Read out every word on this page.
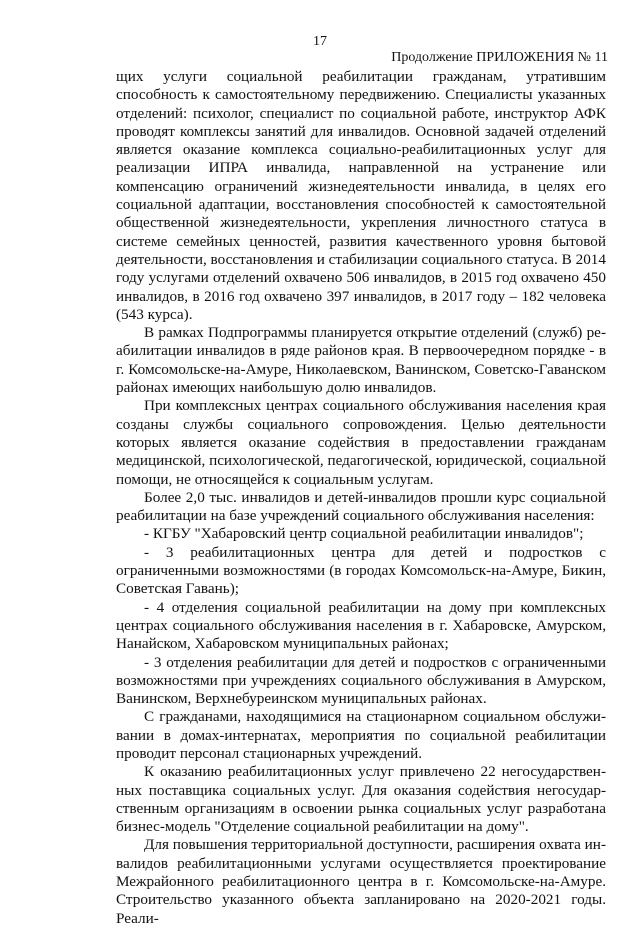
17
Продолжение ПРИЛОЖЕНИЯ № 11

щих услуги социальной реабилитации гражданам, утратившим способность к самостоятельному передвижению. Специалисты указанных отделений: психолог, специалист по социальной работе, инструктор АФК проводят комплексы занятий для инвалидов. Основной задачей отделений является оказание комплекса социально-реабилитационных услуг для реализации ИПРА инвалида, направленной на устранение или компенсацию ограничений жизнедеятельности инвалида, в целях его социальной адаптации, восстановления способностей к самостоятельной общественной жизнедеятельности, укрепления личностного статуса в системе семейных ценностей, развития качественного уровня бытовой деятельности, восстановления и стабилизации социального статуса. В 2014 году услугами отделений охвачено 506 инвалидов, в 2015 год охвачено 450 инвалидов, в 2016 год охвачено 397 инвалидов, в 2017 году – 182 человека (543 курса).

В рамках Подпрограммы планируется открытие отделений (служб) реабилитации инвалидов в ряде районов края. В первоочередном порядке - в г. Комсомольске-на-Амуре, Николаевском, Ванинском, Советско-Гаванском районах имеющих наибольшую долю инвалидов.

При комплексных центрах социального обслуживания населения края созданы службы социального сопровождения. Целью деятельности которых является оказание содействия в предоставлении гражданам медицинской, психологической, педагогической, юридической, социальной помощи, не относящейся к социальным услугам.

Более 2,0 тыс. инвалидов и детей-инвалидов прошли курс социальной реабилитации на базе учреждений социального обслуживания населения:

- КГБУ "Хабаровский центр социальной реабилитации инвалидов";

- 3 реабилитационных центра для детей и подростков с ограниченными возможностями (в городах Комсомольск-на-Амуре, Бикин, Советская Гавань);

- 4 отделения социальной реабилитации на дому при комплексных центрах социального обслуживания населения в г. Хабаровске, Амурском, Нанайском, Хабаровском муниципальных районах;

- 3 отделения реабилитации для детей и подростков с ограниченными возможностями при учреждениях социального обслуживания в Амурском, Ванинском, Верхнебуреинском муниципальных районах.

С гражданами, находящимися на стационарном социальном обслуживании в домах-интернатах, мероприятия по социальной реабилитации проводит персонал стационарных учреждений.

К оказанию реабилитационных услуг привлечено 22 негосударственных поставщика социальных услуг. Для оказания содействия негосударственным организациям в освоении рынка социальных услуг разработана бизнес-модель "Отделение социальной реабилитации на дому".

Для повышения территориальной доступности, расширения охвата инвалидов реабилитационными услугами осуществляется проектирование Межрайонного реабилитационного центра в г. Комсомольске-на-Амуре. Строительство указанного объекта запланировано на 2020-2021 годы. Реали-
